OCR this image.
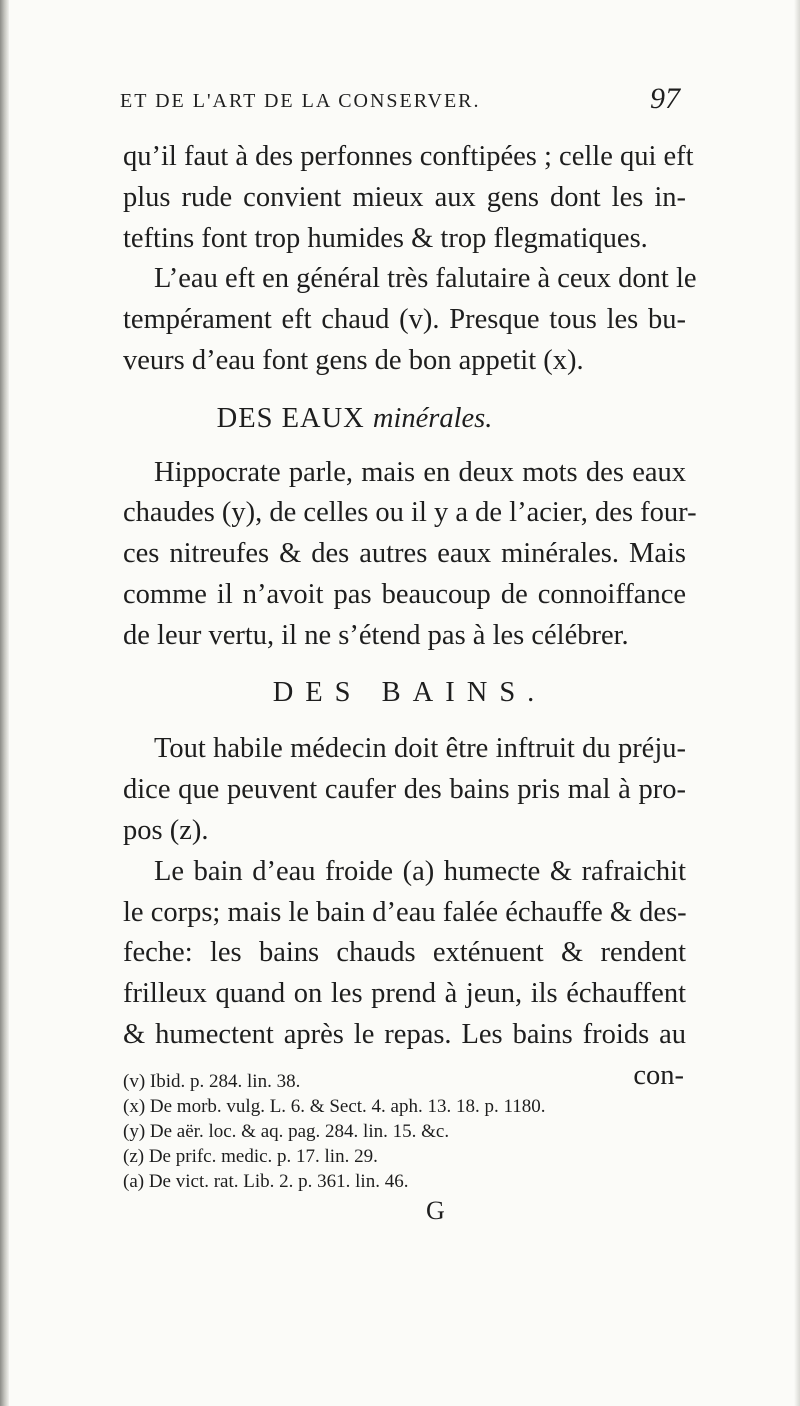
ET DE L'ART DE LA CONSERVER.	97
qu’il faut à des perfonnes conftipées ; celle qui eft
plus rude convient mieux aux gens dont les in-
teftins font trop humides & trop flegmatiques.
L’eau eft en général très falutaire à ceux dont le
tempérament eft chaud (v). Presque tous les bu-
veurs d’eau font gens de bon appetit (x).
DES EAUX minérales.
Hippocrate parle, mais en deux mots des eaux
chaudes (y), de celles ou il y a de l’acier, des four-
ces nitreufes & des autres eaux minérales. Mais
comme il n’avoit pas beaucoup de connoiffance
de leur vertu, il ne s’étend pas à les célébrer.
DES BAINS.
Tout habile médecin doit être inftruit du préju-
dice que peuvent caufer des bains pris mal à pro-
pos (z).
Le bain d’eau froide (a) humecte & rafraichit
le corps; mais le bain d’eau falée échauffe & des-
feche: les bains chauds exténuent & rendent
frilleux quand on les prend à jeun, ils échauffent
& humectent après le repas. Les bains froids au
con-
(v) Ibid. p. 284. lin. 38.
(x) De morb. vulg. L. 6. & Sect. 4. aph. 13. 18. p. 1180.
(y) De aër. loc. & aq. pag. 284. lin. 15. &c.
(z) De prifc. medic. p. 17. lin. 29.
(a) De vict. rat. Lib. 2. p. 361. lin. 46.
G
